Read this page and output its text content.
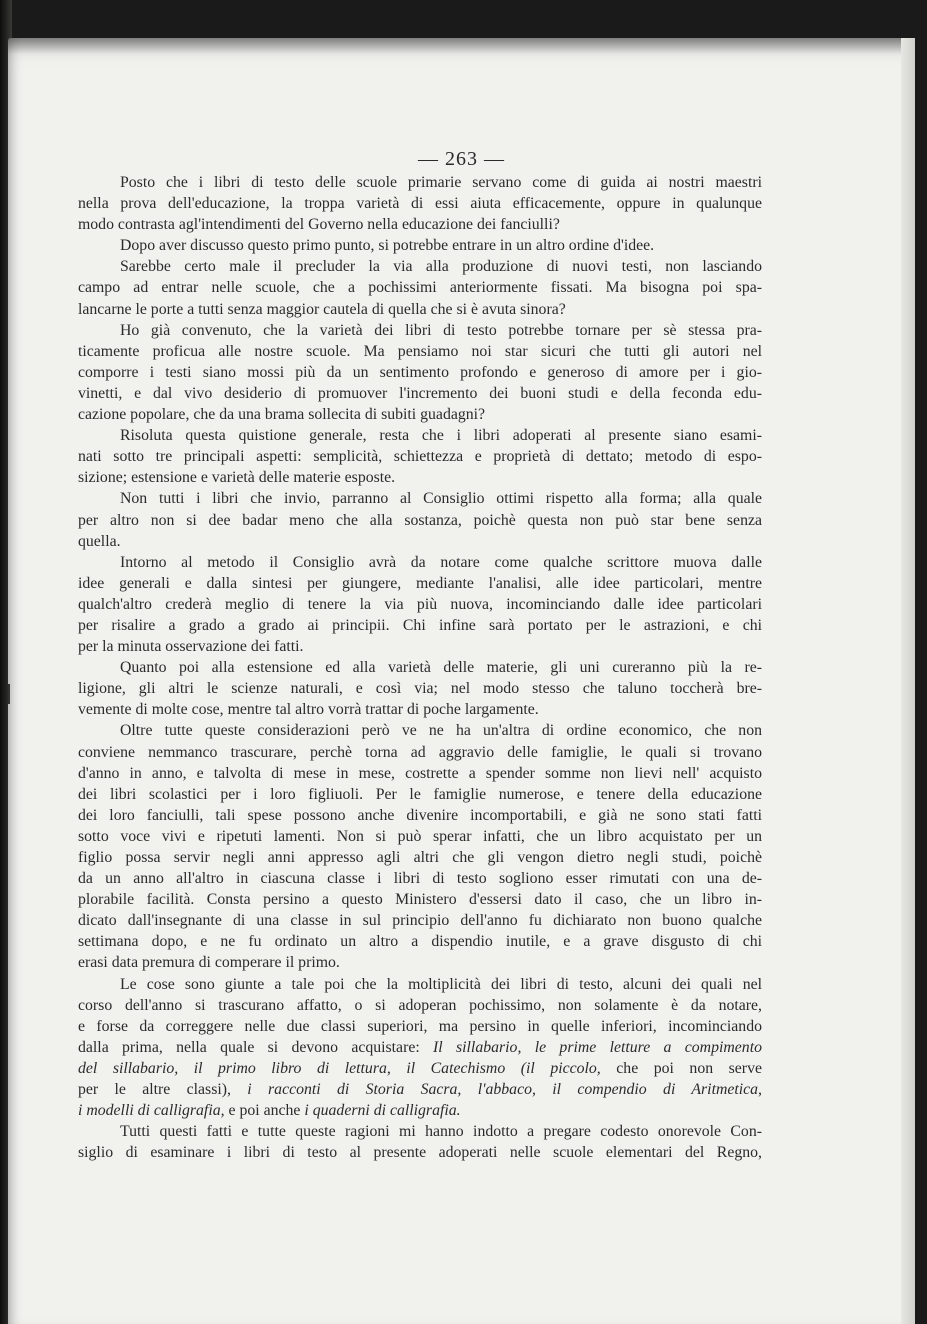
— 263 —
Posto che i libri di testo delle scuole primarie servano come di guida ai nostri maestri
nella prova dell'educazione, la troppa varietà di essi aiuta efficacemente, oppure in qualunque
modo contrasta agl'intendimenti del Governo nella educazione dei fanciulli?
Dopo aver discusso questo primo punto, si potrebbe entrare in un altro ordine d'idee.
Sarebbe certo male il precluder la via alla produzione di nuovi testi, non lasciando
campo ad entrar nelle scuole, che a pochissimi anteriormente fissati. Ma bisogna poi spa-
lancarne le porte a tutti senza maggior cautela di quella che si è avuta sinora?
Ho già convenuto, che la varietà dei libri di testo potrebbe tornare per sè stessa pra-
ticamente proficua alle nostre scuole. Ma pensiamo noi star sicuri che tutti gli autori nel
comporre i testi siano mossi più da un sentimento profondo e generoso di amore per i gio-
vinetti, e dal vivo desiderio di promuover l'incremento dei buoni studi e della feconda edu-
cazione popolare, che da una brama sollecita di subiti guadagni?
Risoluta questa quistione generale, resta che i libri adoperati al presente siano esami-
nati sotto tre principali aspetti: semplicità, schiettezza e proprietà di dettato; metodo di espo-
sizione; estensione e varietà delle materie esposte.
Non tutti i libri che invio, parranno al Consiglio ottimi rispetto alla forma; alla quale
per altro non si dee badar meno che alla sostanza, poichè questa non può star bene senza
quella.
Intorno al metodo il Consiglio avrà da notare come qualche scrittore muova dalle
idee generali e dalla sintesi per giungere, mediante l'analisi, alle idee particolari, mentre
qualch'altro crederà meglio di tenere la via più nuova, incominciando dalle idee particolari
per risalire a grado a grado ai principii. Chi infine sarà portato per le astrazioni, e chi
per la minuta osservazione dei fatti.
Quanto poi alla estensione ed alla varietà delle materie, gli uni cureranno più la re-
ligione, gli altri le scienze naturali, e così via; nel modo stesso che taluno toccherà bre-
vemente di molte cose, mentre tal altro vorrà trattar di poche largamente.
Oltre tutte queste considerazioni però ve ne ha un'altra di ordine economico, che non
conviene nemmanco trascurare, perchè torna ad aggravio delle famiglie, le quali si trovano
d'anno in anno, e talvolta di mese in mese, costrette a spender somme non lievi nell' acquisto
dei libri scolastici per i loro figliuoli. Per le famiglie numerose, e tenere della educazione
dei loro fanciulli, tali spese possono anche divenire incomportabili, e già ne sono stati fatti
sotto voce vivi e ripetuti lamenti. Non si può sperar infatti, che un libro acquistato per un
figlio possa servir negli anni appresso agli altri che gli vengon dietro negli studi, poichè
da un anno all'altro in ciascuna classe i libri di testo sogliono esser rimutati con una de-
plorabile facilità. Consta persino a questo Ministero d'essersi dato il caso, che un libro in-
dicato dall'insegnante di una classe in sul principio dell'anno fu dichiarato non buono qualche
settimana dopo, e ne fu ordinato un altro a dispendio inutile, e a grave disgusto di chi
erasi data premura di comperare il primo.
Le cose sono giunte a tale poi che la moltiplicità dei libri di testo, alcuni dei quali nel
corso dell'anno si trascurano affatto, o si adoperan pochissimo, non solamente è da notare,
e forse da correggere nelle due classi superiori, ma persino in quelle inferiori, incominciando
dalla prima, nella quale si devono acquistare: Il sillabario, le prime letture a compimento
del sillabario, il primo libro di lettura, il Catechismo (il piccolo, che poi non serve
per le altre classi), i racconti di Storia Sacra, l'abbaco, il compendio di Aritmetica,
i modelli di calligrafia, e poi anche i quaderni di calligrafia.
Tutti questi fatti e tutte queste ragioni mi hanno indotto a pregare codesto onorevole Con-
siglio di esaminare i libri di testo al presente adoperati nelle scuole elementari del Regno,
